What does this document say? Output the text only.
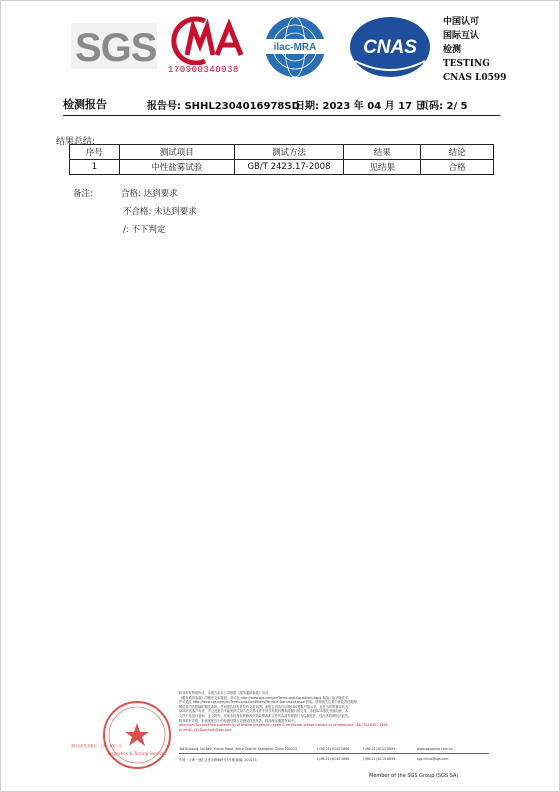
SGS 170900340938
ilac-MRA CNAS
中国认可
国际互认
检测
TESTING
CNAS L0599
检测报告	报告号: SHHL2304016978SD
日期: 2023 年 04 月 17 日
页码: 2/ 5
结果总结:
序号	测试项目	测试方法	结果	结论
1	中性盐雾试验	GB/T 2423.17-2008	见结果	合格
备注:	合格: 达到要求
不合格: 未达到要求
/: 不下判定
Inspection & Testing Services
除非另有特别协议，本报告由本公司根据《服务通用条款》出具。
《服务通用条款》印刷在文本背面，亦可在 http://www.sgs.com/en/Terms-and-Conditions.aspx 查阅。电子格式文
件可通过 http://www.sgs.com/en/Terms-and-Conditions/Terms-e-Document.aspx 获取。请特别关注其中涉及责任限制、
赔偿及司法管辖的相关条款。任何报告持有者均有义务知悉，此报告内容仅反映SGS受客户指示下，且在当时的事实状况。
SGS对其客户负责，并且此报告不能免除交易方在交易文件中所享有的权利和应履行的义务。未经SGS事先书面同意，本
文件不得进行复制，全文除外。任何未经授权的修改伪造或窜改本文件内容或外观的行为均属违法，违反者将被依法追究。
除非另有声明，本测试报告中的检测结果仅对测试样品负责。样品保存期限为30天。
Attention: To check the authenticity of testing /inspection report & certificate, please contact us at telephone: (86-755) 8307 1443,
or email: CN.Doccheck@sgs.com
通标标准技术服务（上海）有限公司
3rd Building, No.889, Yishan Road, Xuhui District Shanghai, China 200233	t (86-21) 6140 2666	f (86-21) 6115 6899	www.sgsgroup.com.cn
中国・上海・徐汇区宜山路889号3号楼 邮编: 200233	t (86-21) 6140 2666	f (86-21) 6115 6899	sgs.china@sgs.com
Member of the SGS Group (SGS SA)
